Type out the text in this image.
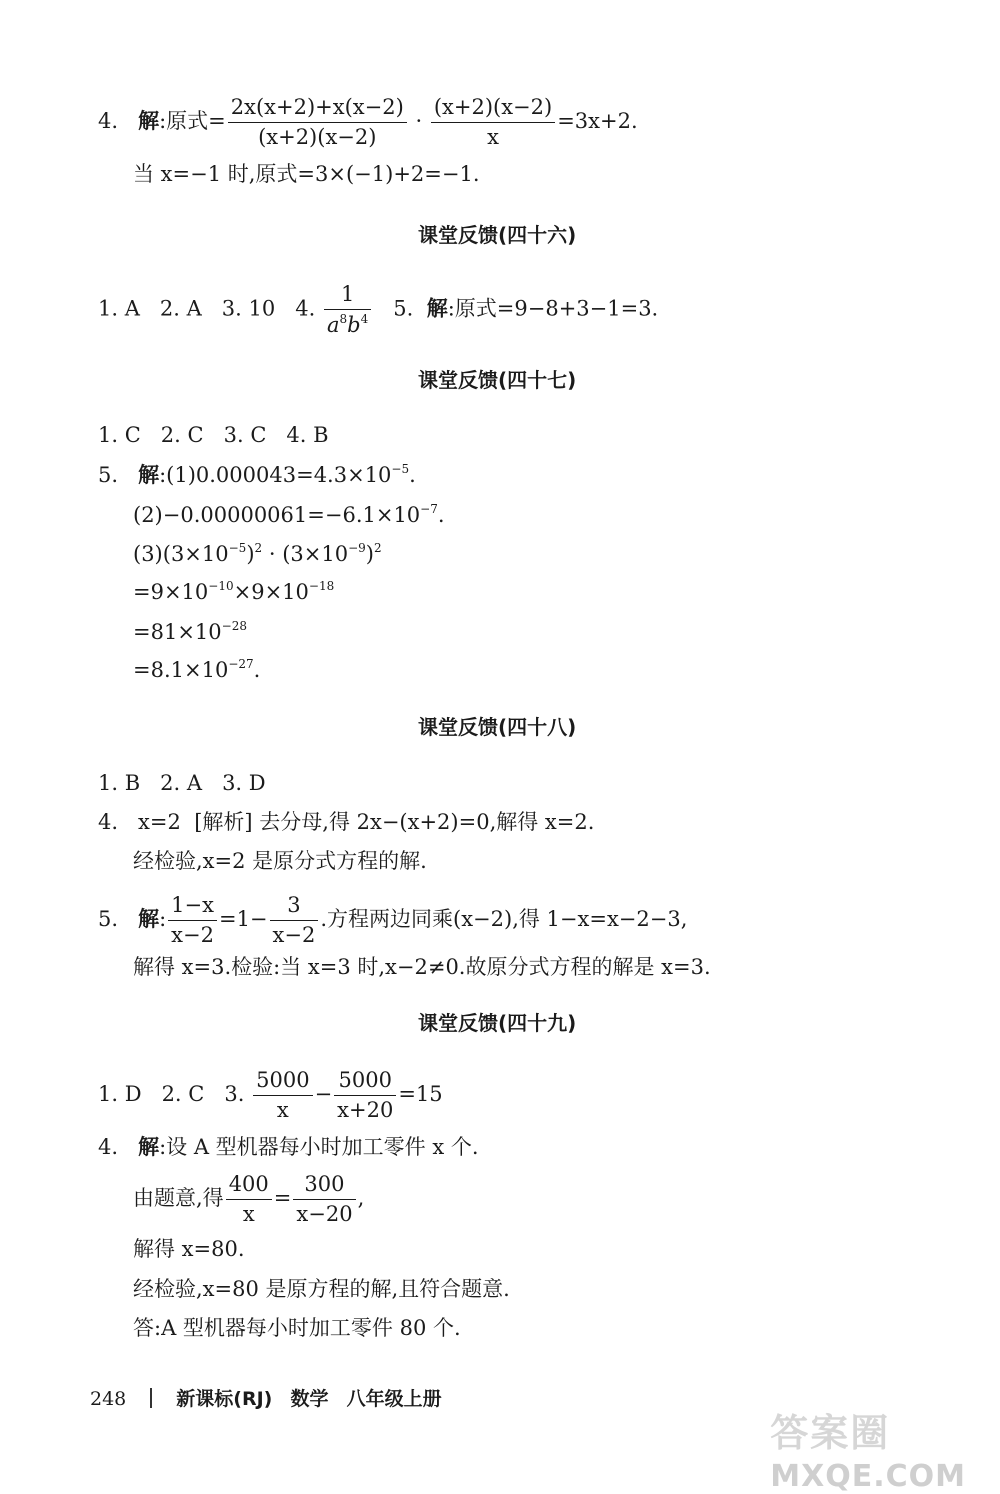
4. 解:原式= $\frac{2x(x+2)+x(x-2)}{(x+2)(x-2)} \cdot \frac{(x+2)(x-2)}{x} =3x+2$.
当 x=−1 时,原式=3×(−1)+2=−1.
课堂反馈(四十六)
1. A   2. A   3. 10   4. $\frac{1}{a^8b^4} 5$. 解:原式=9−8+3−1=3.
课堂反馈(四十七)
1. C   2. C   3. C   4. B
5. 解$:(1)0.000043=4.3\times 10^{-5}$.
$(2)-0.00000061=-6.1\times 10^{-7}$.
$(3)(3\times 10^{-5})^2 \cdot (3\times 10^{-9})^2$
$=9\times 10^{-10}\times 9\times 10^{-18}$
$=81\times 10^{-28}$
$=8.1\times 10^{-27}$.
课堂反馈(四十八)
1. B   2. A   3. D
4.   x=2  [解析] 去分母,得 2x−(x+2)=0,解得 x=2.
经检验,x=2 是原分式方程的解.
5. 解: $\frac{1-x}{x-2} =1- \frac{3}{x-2}$ .方程两边同乘(x−2),得 1−x=x−2−3,
解得 x=3.检验:当 x=3 时,x−2≠0.故原分式方程的解是 x=3.
课堂反馈(四十九)
1. D   2. C   3. $\frac{5000}{x} - \frac{5000}{x+20} =15$
4. 解:设 A 型机器每小时加工零件 x 个.
由题意,得 $\frac{400}{x} = \frac{300}{x-20}$ ,
解得 x=80.
经检验,x=80 是原方程的解,且符合题意.
答:A 型机器每小时加工零件 80 个.
248	新课标(RJ) 数学 八年级上册
答案圈
MXQE.COM
